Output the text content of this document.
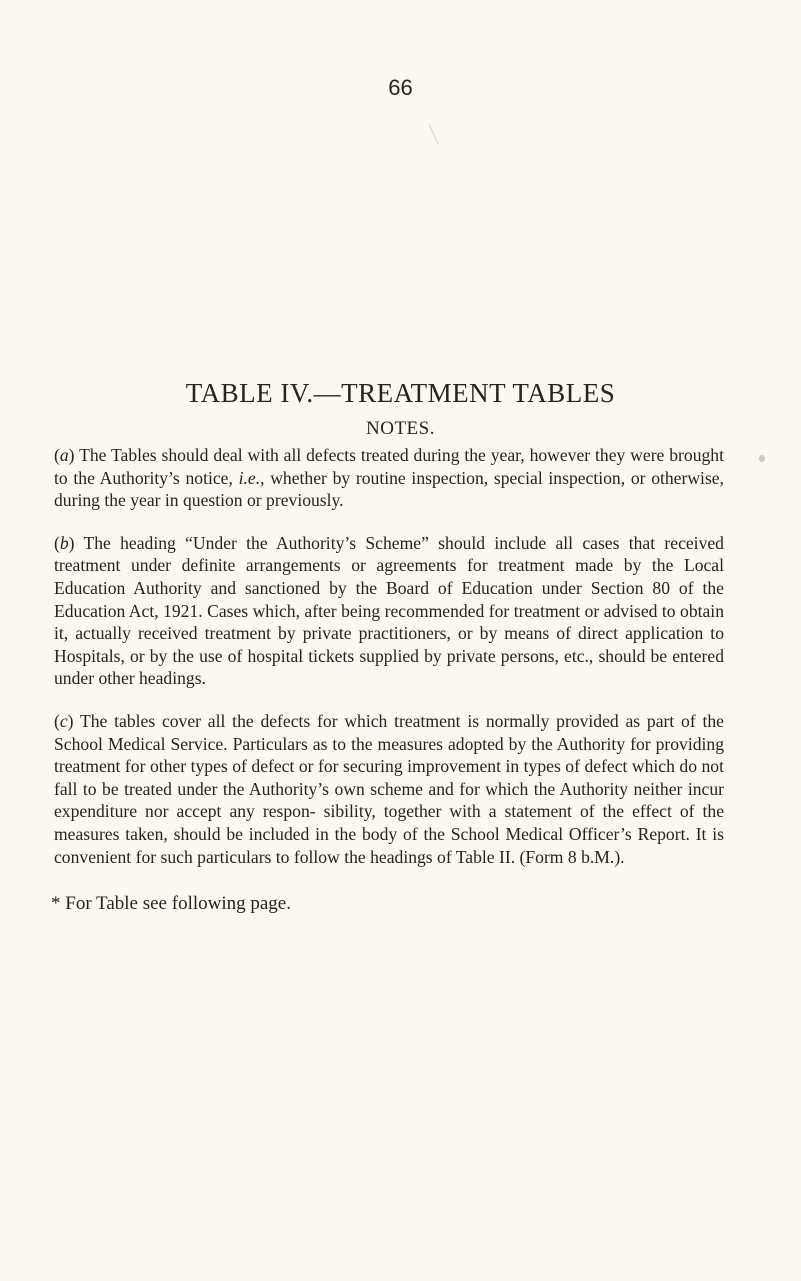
66
TABLE IV.—TREATMENT TABLES
NOTES.

(a) The Tables should deal with all defects treated during the year, however they were brought to the Authority’s notice, i.e., whether by routine inspection, special inspection, or otherwise, during the year in question or previously.

(b) The heading “Under the Authority’s Scheme” should include all cases that received treatment under definite arrangements or agreements for treatment made by the Local Education Authority and sanctioned by the Board of Education under Section 80 of the Education Act, 1921. Cases which, after being recommended for treatment or advised to obtain it, actually received treatment by private practitioners, or by means of direct application to Hospitals, or by the use of hospital tickets supplied by private persons, etc., should be entered under other headings.

(c) The tables cover all the defects for which treatment is normally provided as part of the School Medical Service. Particulars as to the measures adopted by the Authority for providing treatment for other types of defect or for securing improvement in types of defect which do not fall to be treated under the Authority’s own scheme and for which the Authority neither incur expenditure nor accept any respon- sibility, together with a statement of the effect of the measures taken, should be included in the body of the School Medical Officer’s Report. It is convenient for such particulars to follow the headings of Table II. (Form 8 b.M.).

* For Table see following page.
